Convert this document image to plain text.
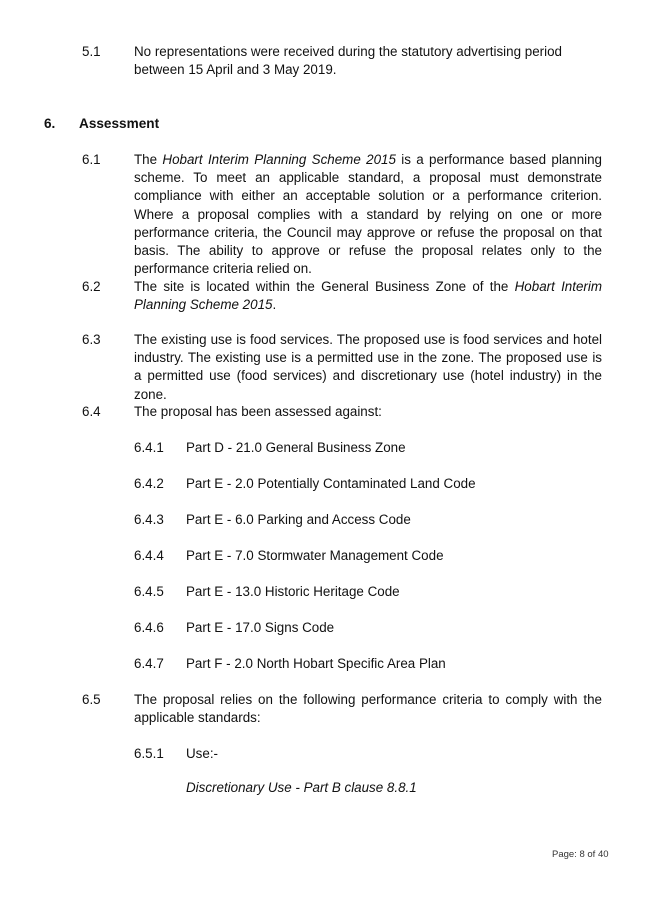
5.1 No representations were received during the statutory advertising period between 15 April and 3 May 2019.
6. Assessment
6.1 The Hobart Interim Planning Scheme 2015 is a performance based planning scheme. To meet an applicable standard, a proposal must demonstrate compliance with either an acceptable solution or a performance criterion. Where a proposal complies with a standard by relying on one or more performance criteria, the Council may approve or refuse the proposal on that basis. The ability to approve or refuse the proposal relates only to the performance criteria relied on.
6.2 The site is located within the General Business Zone of the Hobart Interim Planning Scheme 2015.
6.3 The existing use is food services. The proposed use is food services and hotel industry. The existing use is a permitted use in the zone. The proposed use is a permitted use (food services) and discretionary use (hotel industry) in the zone.
6.4 The proposal has been assessed against:
6.4.1 Part D - 21.0 General Business Zone
6.4.2 Part E - 2.0 Potentially Contaminated Land Code
6.4.3 Part E - 6.0 Parking and Access Code
6.4.4 Part E - 7.0 Stormwater Management Code
6.4.5 Part E - 13.0 Historic Heritage Code
6.4.6 Part E - 17.0 Signs Code
6.4.7 Part F - 2.0 North Hobart Specific Area Plan
6.5 The proposal relies on the following performance criteria to comply with the applicable standards:
6.5.1 Use:-
Discretionary Use - Part B clause 8.8.1
Page: 8 of 40
